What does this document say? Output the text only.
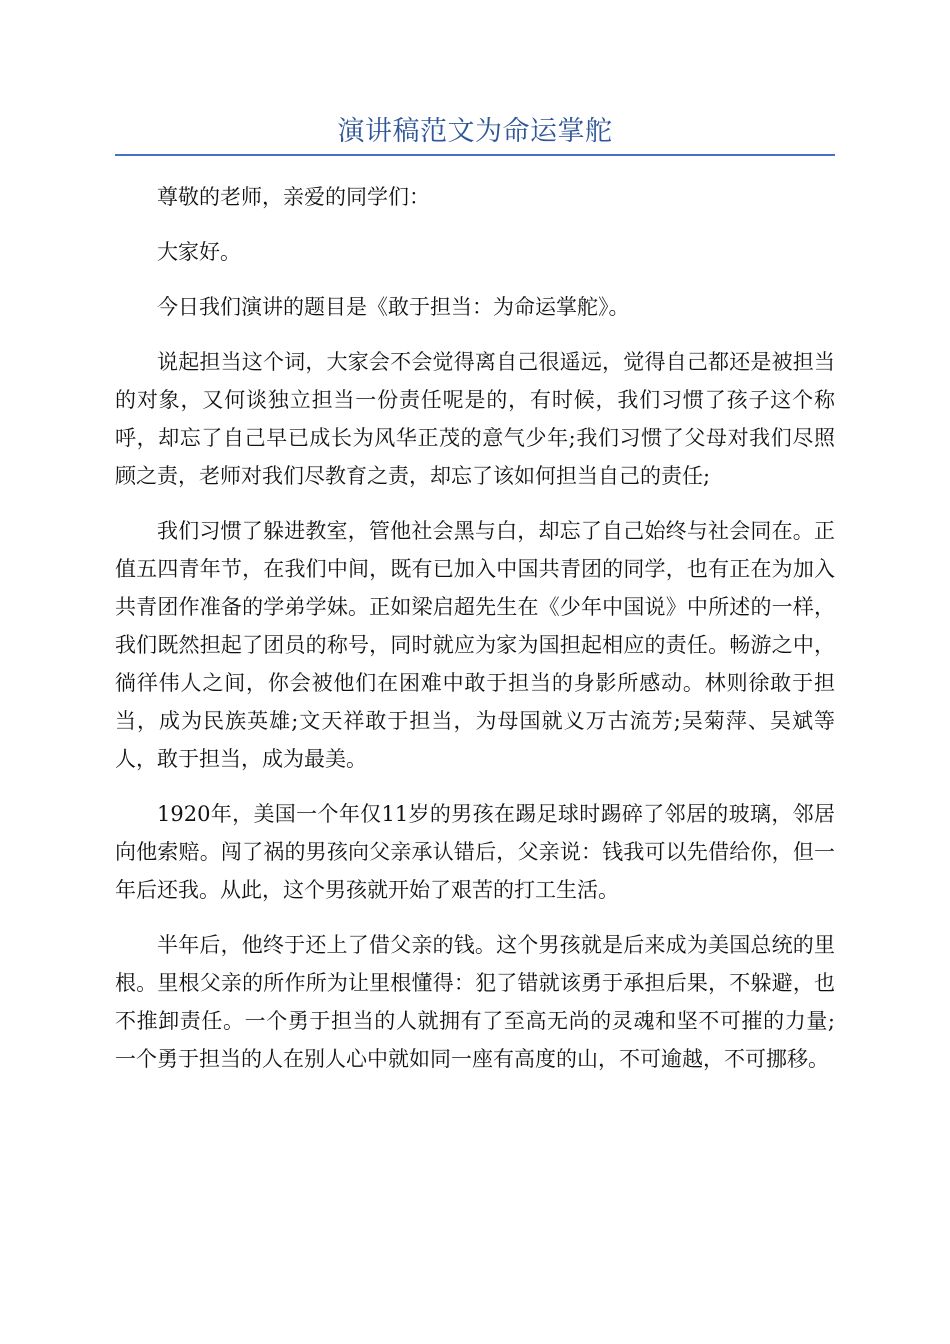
演讲稿范文为命运掌舵

尊敬的老师，亲爱的同学们：

大家好。

今日我们演讲的题目是《敢于担当：为命运掌舵》。

说起担当这个词，大家会不会觉得离自己很遥远，觉得自己都还是被担当的对象，又何谈独立担当一份责任呢是的，有时候，我们习惯了孩子这个称呼，却忘了自己早已成长为风华正茂的意气少年;我们习惯了父母对我们尽照顾之责，老师对我们尽教育之责，却忘了该如何担当自己的责任;

我们习惯了躲进教室，管他社会黑与白，却忘了自己始终与社会同在。正值五四青年节，在我们中间，既有已加入中国共青团的同学，也有正在为加入共青团作准备的学弟学妹。正如梁启超先生在《少年中国说》中所述的一样，我们既然担起了团员的称号，同时就应为家为国担起相应的责任。畅游之中，徜徉伟人之间，你会被他们在困难中敢于担当的身影所感动。林则徐敢于担当，成为民族英雄;文天祥敢于担当，为母国就义万古流芳;吴菊萍、吴斌等人，敢于担当，成为最美。

1920年，美国一个年仅11岁的男孩在踢足球时踢碎了邻居的玻璃，邻居向他索赔。闯了祸的男孩向父亲承认错后，父亲说：钱我可以先借给你，但一年后还我。从此，这个男孩就开始了艰苦的打工生活。

半年后，他终于还上了借父亲的钱。这个男孩就是后来成为美国总统的里根。里根父亲的所作所为让里根懂得：犯了错就该勇于承担后果，不躲避，也不推卸责任。一个勇于担当的人就拥有了至高无尚的灵魂和坚不可摧的力量;一个勇于担当的人在别人心中就如同一座有高度的山，不可逾越，不可挪移。
